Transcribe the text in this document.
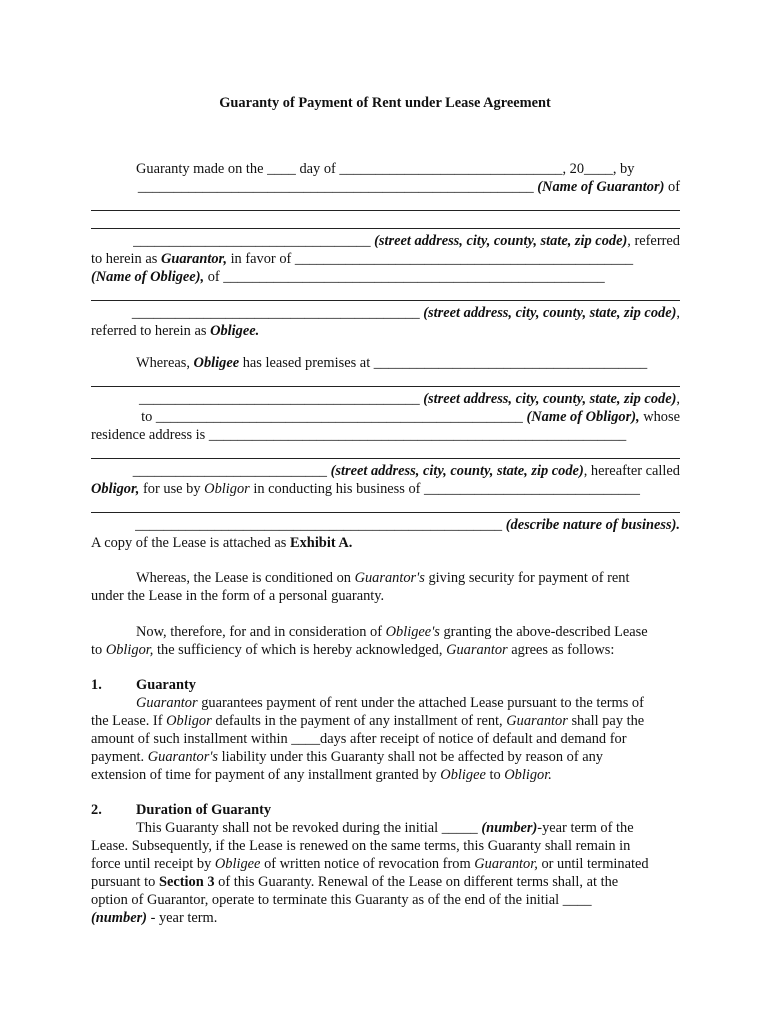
Guaranty of Payment of Rent under Lease Agreement
Guaranty made on the ____ day of _______________________________, 20____, by
_______________________________________________________ (Name of Guarantor) of
_________________________________ (street address, city, county, state, zip code), referred
to herein as Guarantor, in favor of _______________________________________________
(Name of Obligee), of _____________________________________________________
________________________________________ (street address, city, county, state, zip code),
referred to herein as Obligee.
Whereas, Obligee has leased premises at ______________________________________
_______________________________________ (street address, city, county, state, zip code),
to ___________________________________________________ (Name of Obligor), whose
residence address is __________________________________________________________
___________________________ (street address, city, county, state, zip code), hereafter called
Obligor, for use by Obligor in conducting his business of ______________________________
___________________________________________________ (describe nature of business).
A copy of the Lease is attached as Exhibit A.
Whereas, the Lease is conditioned on Guarantor's giving security for payment of rent
under the Lease in the form of a personal guaranty.
Now, therefore, for and in consideration of Obligee's granting the above-described Lease
to Obligor, the sufficiency of which is hereby acknowledged, Guarantor agrees as follows:
1. Guaranty
Guarantor guarantees payment of rent under the attached Lease pursuant to the terms of
the Lease. If Obligor defaults in the payment of any installment of rent, Guarantor shall pay the
amount of such installment within ____days after receipt of notice of default and demand for
payment. Guarantor's liability under this Guaranty shall not be affected by reason of any
extension of time for payment of any installment granted by Obligee to Obligor.
2. Duration of Guaranty
This Guaranty shall not be revoked during the initial _____ (number)-year term of the
Lease. Subsequently, if the Lease is renewed on the same terms, this Guaranty shall remain in
force until receipt by Obligee of written notice of revocation from Guarantor, or until terminated
pursuant to Section 3 of this Guaranty. Renewal of the Lease on different terms shall, at the
option of Guarantor, operate to terminate this Guaranty as of the end of the initial ____
(number) - year term.
